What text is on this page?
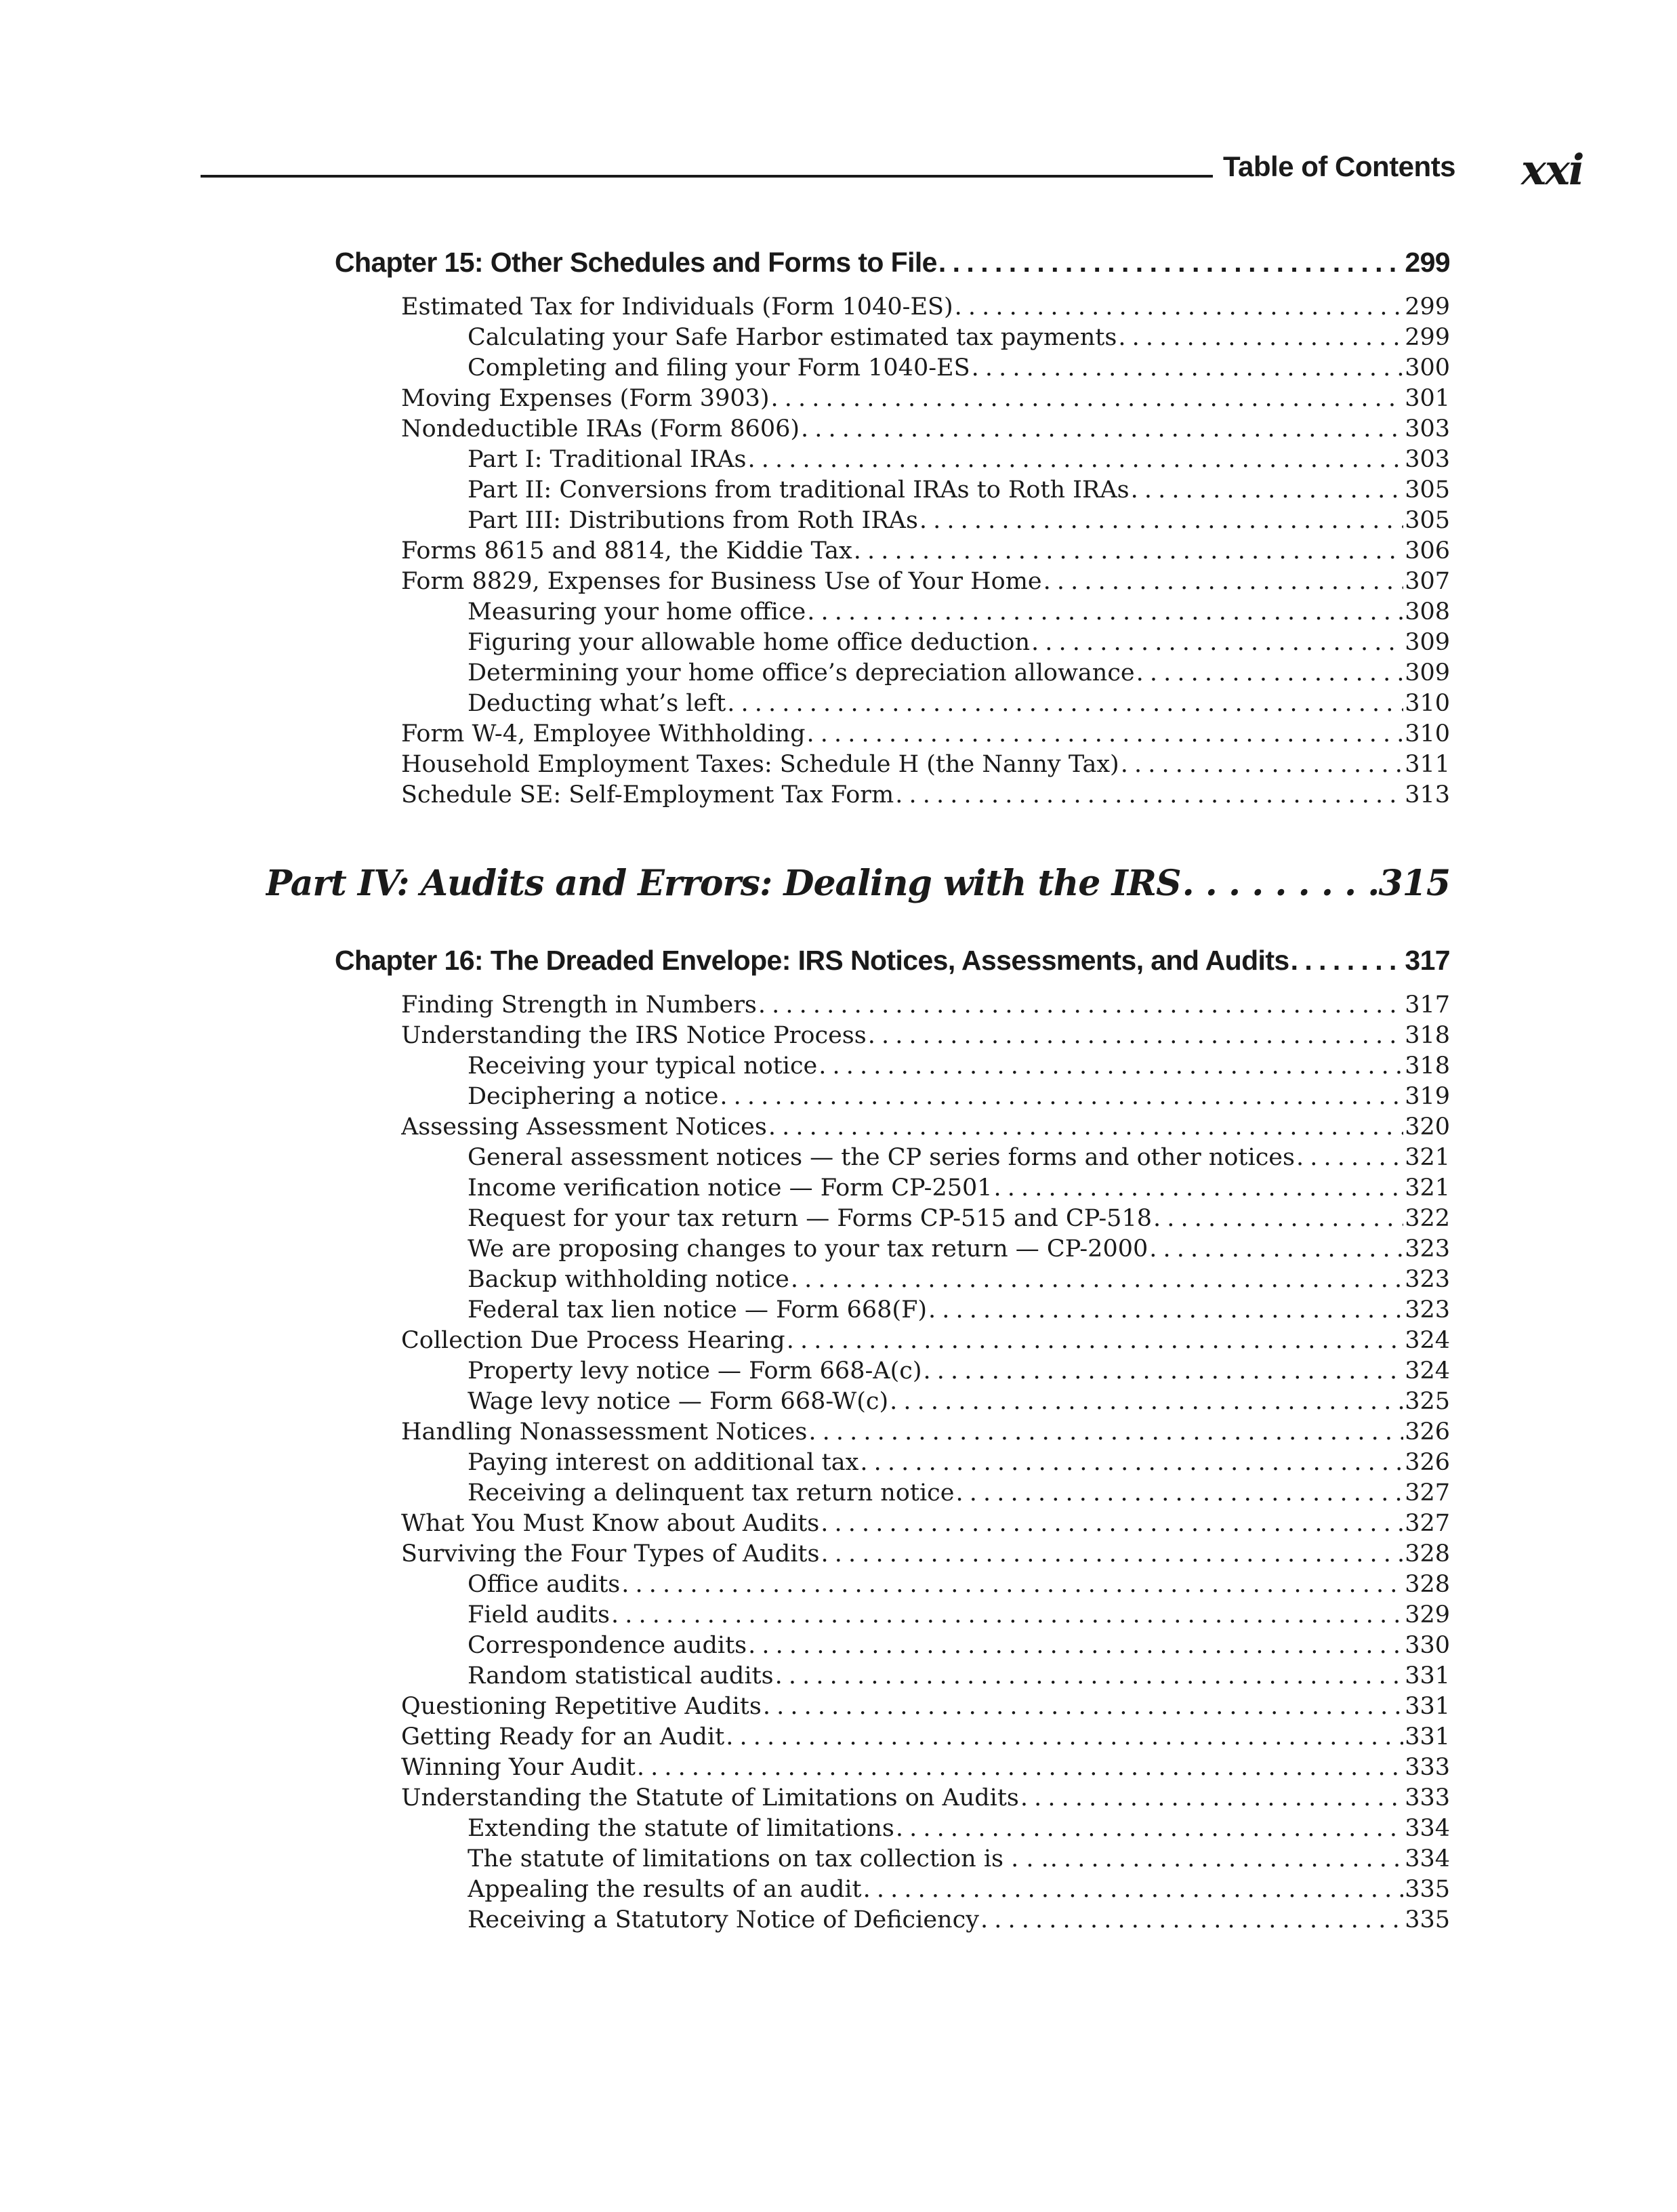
Table of Contents xxi
Chapter 15: Other Schedules and Forms to File . . .	299
Estimated Tax for Individuals (Form 1040-ES) . . .	299
Calculating your Safe Harbor estimated tax payments . . .	299
Completing and filing your Form 1040-ES . . .	300
Moving Expenses (Form 3903) . . .	301
Nondeductible IRAs (Form 8606) . . .	303
Part I: Traditional IRAs . . .	303
Part II: Conversions from traditional IRAs to Roth IRAs . . .	305
Part III: Distributions from Roth IRAs . . .	305
Forms 8615 and 8814, the Kiddie Tax . . .	306
Form 8829, Expenses for Business Use of Your Home . . .	307
Measuring your home office . . .	308
Figuring your allowable home office deduction . . .	309
Determining your home office’s depreciation allowance . . .	309
Deducting what’s left . . .	310
Form W-4, Employee Withholding . . .	310
Household Employment Taxes: Schedule H (the Nanny Tax) . . .	311
Schedule SE: Self-Employment Tax Form . . .	313
Part IV: Audits and Errors: Dealing with the IRS . . .	315
Chapter 16: The Dreaded Envelope: IRS Notices, Assessments, and Audits . . .	317
Finding Strength in Numbers . . .	317
Understanding the IRS Notice Process . . .	318
Receiving your typical notice . . .	318
Deciphering a notice . . .	319
Assessing Assessment Notices . . .	320
General assessment notices — the CP series forms and other notices . . .	321
Income verification notice — Form CP-2501 . . .	321
Request for your tax return — Forms CP-515 and CP-518 . . .	322
We are proposing changes to your tax return — CP-2000 . . .	323
Backup withholding notice . . .	323
Federal tax lien notice — Form 668(F) . . .	323
Collection Due Process Hearing . . .	324
Property levy notice — Form 668-A(c) . . .	324
Wage levy notice — Form 668-W(c) . . .	325
Handling Nonassessment Notices . . .	326
Paying interest on additional tax . . .	326
Receiving a delinquent tax return notice . . .	327
What You Must Know about Audits . . .	327
Surviving the Four Types of Audits . . .	328
Office audits . . .	328
Field audits . . .	329
Correspondence audits . . .	330
Random statistical audits . . .	331
Questioning Repetitive Audits . . .	331
Getting Ready for an Audit . . .	331
Winning Your Audit . . .	333
Understanding the Statute of Limitations on Audits . . .	333
Extending the statute of limitations . . .	334
The statute of limitations on tax collection is . . . . . .	334
Appealing the results of an audit . . .	335
Receiving a Statutory Notice of Deficiency . . .	335
